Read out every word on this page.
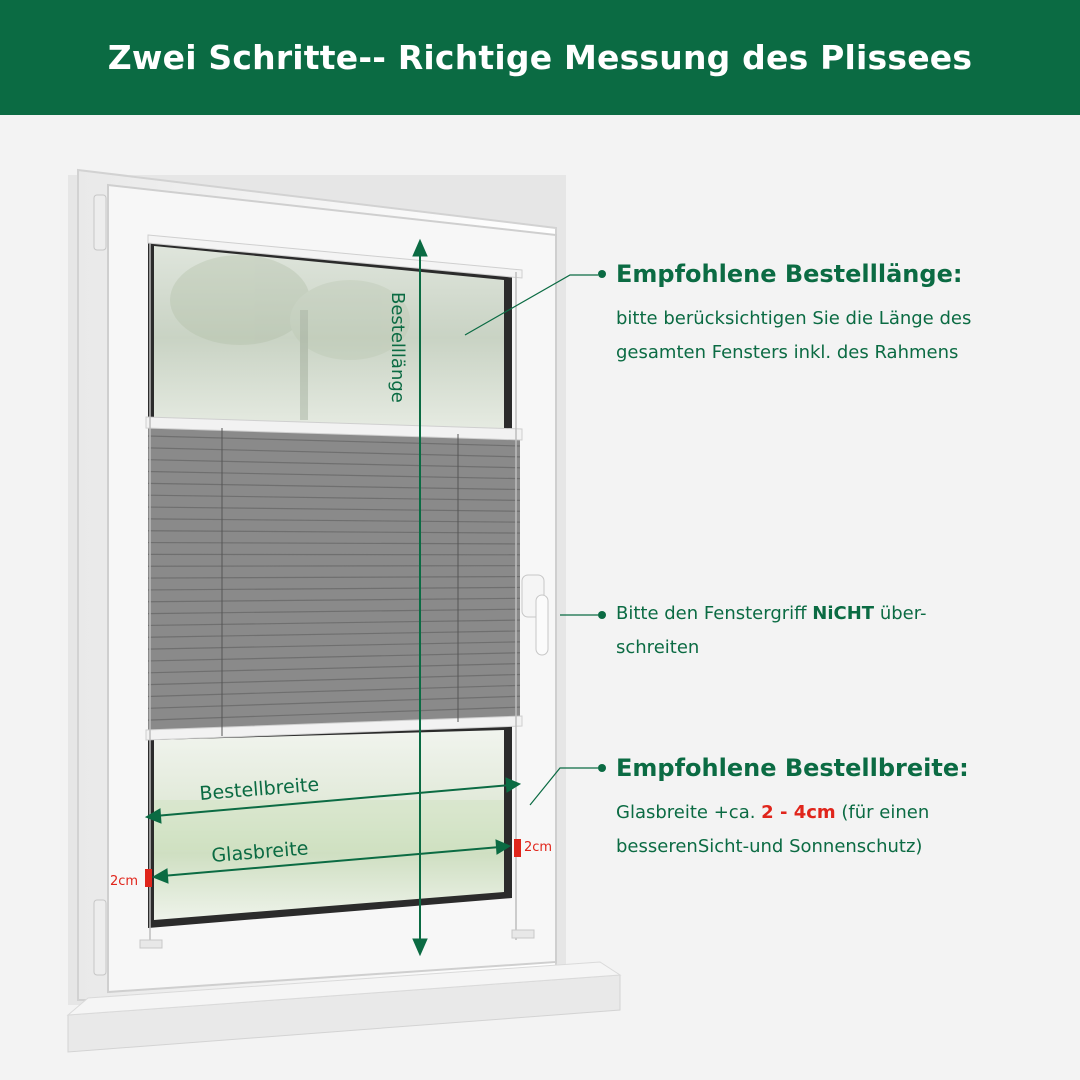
Zwei Schritte-- Richtige Messung des Plissees
Bestelllänge
Bestellbreite
Glasbreite
2cm
2cm
Empfohlene Bestelllänge:
bitte berücksichtigen Sie die Länge des
gesamten Fensters inkl. des Rahmens
Bitte den Fenstergriff NiCHT über-
schreiten
Empfohlene Bestellbreite:
Glasbreite +ca. 2 - 4cm (für einen
besserenSicht-und Sonnenschutz)
